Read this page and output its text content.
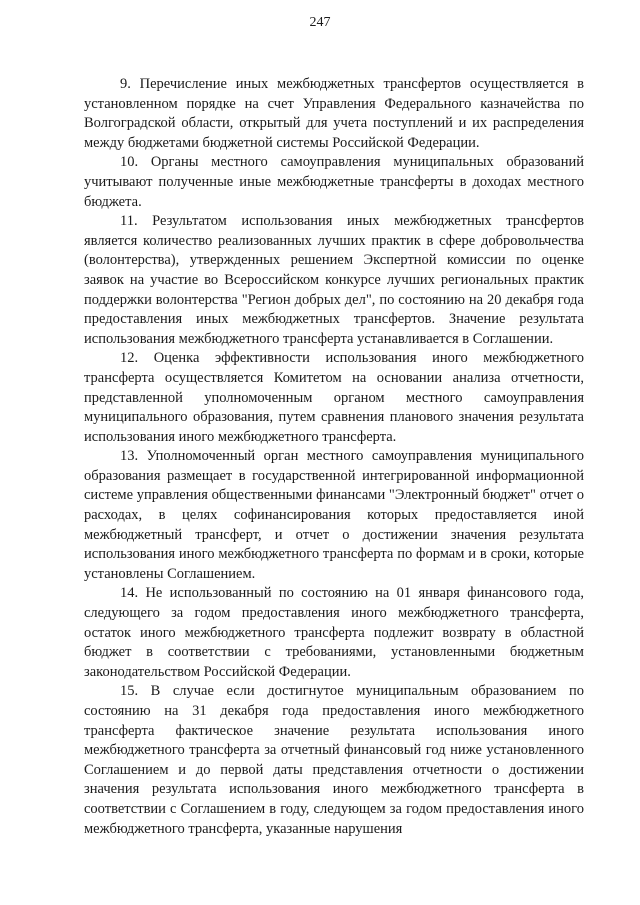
247

9. Перечисление иных межбюджетных трансфертов осуществляется в установленном порядке на счет Управления Федерального казначейства по Волгоградской области, открытый для учета поступлений и их распределения между бюджетами бюджетной системы Российской Федерации.

10. Органы местного самоуправления муниципальных образований учитывают полученные иные межбюджетные трансферты в доходах местного бюджета.

11. Результатом использования иных межбюджетных трансфертов является количество реализованных лучших практик в сфере добровольчества (волонтерства), утвержденных решением Экспертной комиссии по оценке заявок на участие во Всероссийском конкурсе лучших региональных практик поддержки волонтерства "Регион добрых дел", по состоянию на 20 декабря года предоставления иных межбюджетных трансфертов. Значение результата использования межбюджетного трансферта устанавливается в Соглашении.

12. Оценка эффективности использования иного межбюджетного трансферта осуществляется Комитетом на основании анализа отчетности, представленной уполномоченным органом местного самоуправления муниципального образования, путем сравнения планового значения результата использования иного межбюджетного трансферта.

13. Уполномоченный орган местного самоуправления муниципального образования размещает в государственной интегрированной информационной системе управления общественными финансами "Электронный бюджет" отчет о расходах, в целях софинансирования которых предоставляется иной межбюджетный трансферт, и отчет о достижении значения результата использования иного межбюджетного трансферта по формам и в сроки, которые установлены Соглашением.

14. Не использованный по состоянию на 01 января финансового года, следующего за годом предоставления иного межбюджетного трансферта, остаток иного межбюджетного трансферта подлежит возврату в областной бюджет в соответствии с требованиями, установленными бюджетным законодательством Российской Федерации.

15. В случае если достигнутое муниципальным образованием по состоянию на 31 декабря года предоставления иного межбюджетного трансферта фактическое значение результата использования иного межбюджетного трансферта за отчетный финансовый год ниже установленного Соглашением и до первой даты представления отчетности о достижении значения результата использования иного межбюджетного трансферта в соответствии с Соглашением в году, следующем за годом предоставления иного межбюджетного трансферта, указанные нарушения
